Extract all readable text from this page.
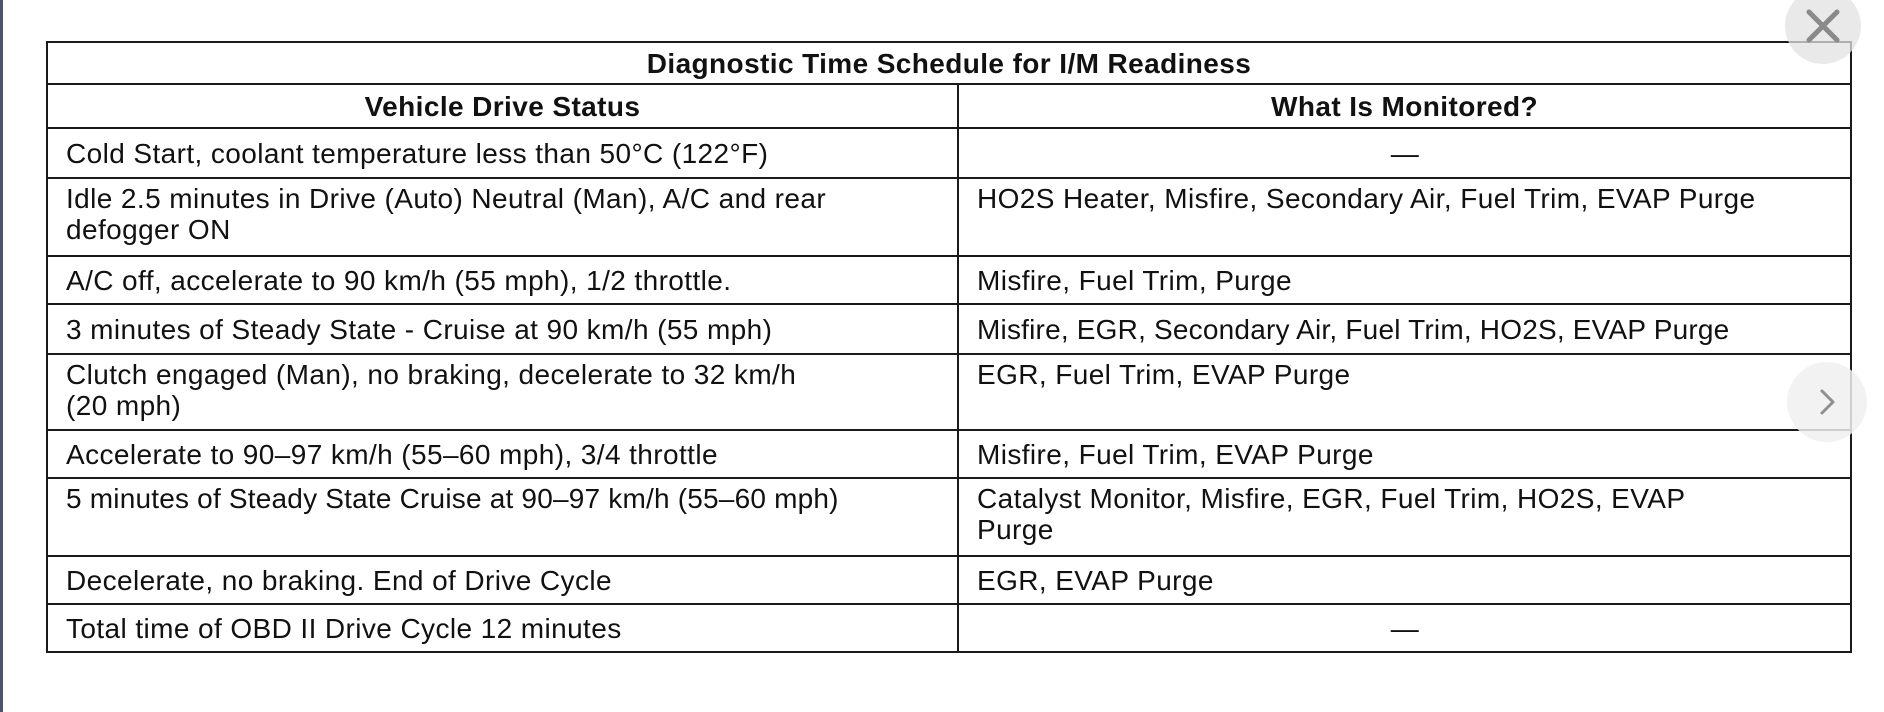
Diagnostic Time Schedule for I/M Readiness	
Vehicle Drive Status	What Is Monitored?
Cold Start, coolant temperature less than 50°C (122°F)	—
Idle 2.5 minutes in Drive (Auto) Neutral (Man), A/C and rear defogger ON	HO2S Heater, Misfire, Secondary Air, Fuel Trim, EVAP Purge
A/C off, accelerate to 90 km/h (55 mph), 1/2 throttle.	Misfire, Fuel Trim, Purge
3 minutes of Steady State - Cruise at 90 km/h (55 mph)	Misfire, EGR, Secondary Air, Fuel Trim, HO2S, EVAP Purge

Clutch engaged (Man), no braking, decelerate to 32 km/h (20 mph)	EGR, Fuel Trim, EVAP Purge
Accelerate to 90–97 km/h (55–60 mph), 3/4 throttle	Misfire, Fuel Trim, EVAP Purge
5 minutes of Steady State Cruise at 90–97 km/h (55–60 mph)	Catalyst Monitor, Misfire, EGR, Fuel Trim, HO2S, EVAP Purge

Decelerate, no braking. End of Drive Cycle	EGR, EVAP Purge
Total time of OBD II Drive Cycle 12 minutes	—
